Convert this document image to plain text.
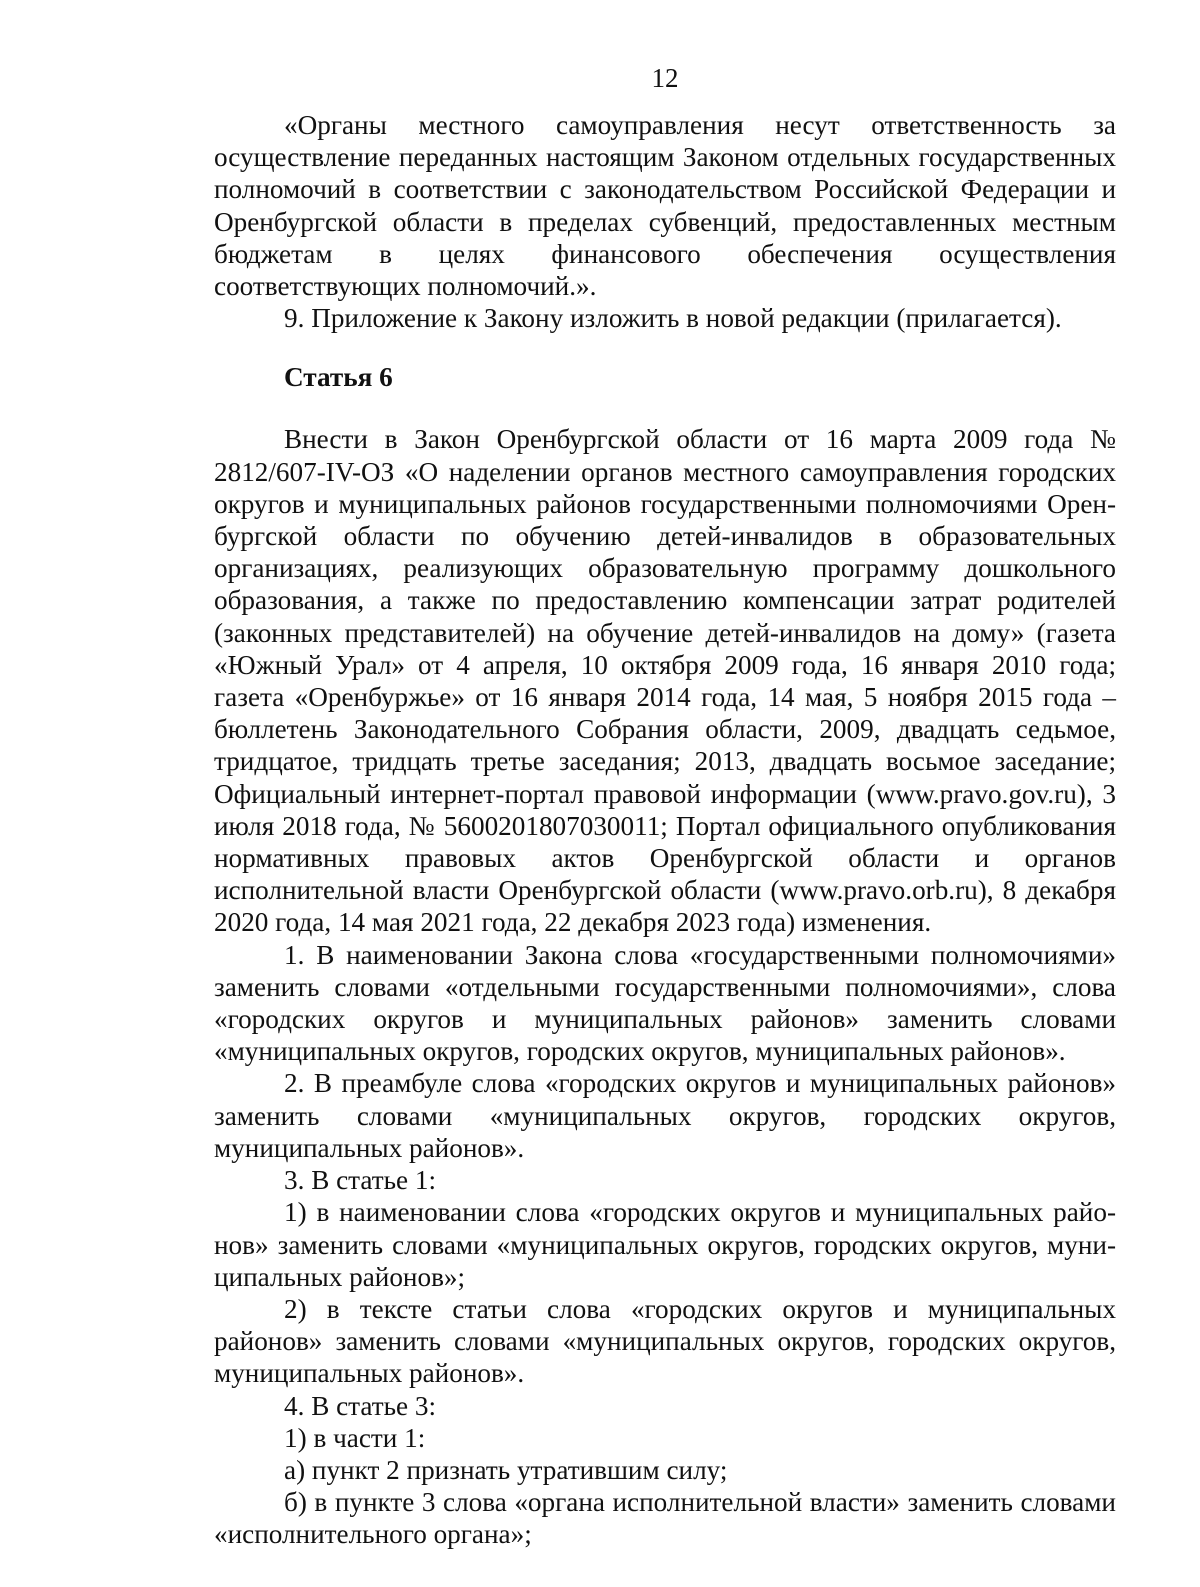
12

«Органы местного самоуправления несут ответственность за осуществление переданных настоящим Законом отдельных государственных полномочий в соответствии с законодательством Российской Федерации и Оренбургской области в пределах субвенций, предоставленных местным бюджетам в целях финансового обеспечения осуществления соответствующих полномочий.».

9. Приложение к Закону изложить в новой редакции (прилагается).

Статья 6

Внести в Закон Оренбургской области от 16 марта 2009 года № 2812/607-IV-ОЗ «О наделении органов местного самоуправления городских округов и муниципальных районов государственными полномочиями Оренбургской области по обучению детей-инвалидов в образовательных организациях, реализующих образовательную программу дошкольного образования, а также по предоставлению компенсации затрат родителей (законных представителей) на обучение детей-инвалидов на дому» (газета «Южный Урал» от 4 апреля, 10 октября 2009 года, 16 января 2010 года; газета «Оренбуржье» от 16 января 2014 года, 14 мая, 5 ноября 2015 года – бюллетень Законодательного Собрания области, 2009, двадцать седьмое, тридцатое, тридцать третье заседания; 2013, двадцать восьмое заседание; Официальный интернет-портал правовой информации (www.pravo.gov.ru), 3 июля 2018 года, № 5600201807030011; Портал официального опубликования нормативных правовых актов Оренбургской области и органов исполнительной власти Оренбургской области (www.pravo.orb.ru), 8 декабря 2020 года, 14 мая 2021 года, 22 декабря 2023 года) изменения.

1. В наименовании Закона слова «государственными полномочиями» заменить словами «отдельными государственными полномочиями», слова «городских округов и муниципальных районов» заменить словами «муниципальных округов, городских округов, муниципальных районов».

2. В преамбуле слова «городских округов и муниципальных районов» заменить словами «муниципальных округов, городских округов, муниципальных районов».

3. В статье 1:

1) в наименовании слова «городских округов и муниципальных районов» заменить словами «муниципальных округов, городских округов, муниципальных районов»;

2) в тексте статьи слова «городских округов и муниципальных районов» заменить словами «муниципальных округов, городских округов, муниципальных районов».

4. В статье 3:

1) в части 1:

а) пункт 2 признать утратившим силу;

б) в пункте 3 слова «органа исполнительной власти» заменить словами «исполнительного органа»;
